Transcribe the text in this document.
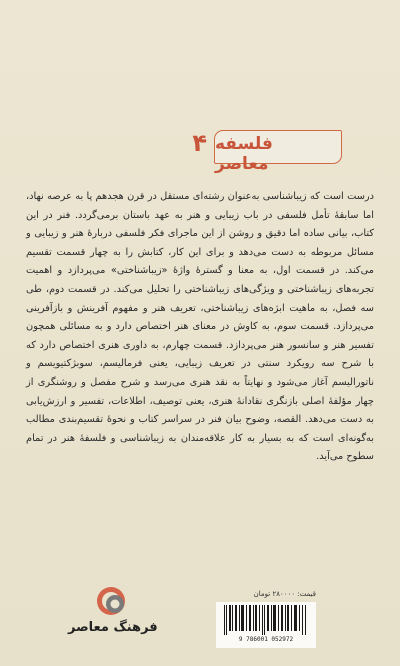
فلسفه معاصر
۴

درست است که زیباشناسی به‌عنوان رشته‌ای مستقل در قرن هجدهم پا به عرصه نهاد، اما سابقهٔ تأمل فلسفی در باب زیبایی و هنر به عهد باستان برمی‌گردد. فنر در این کتاب، بیانی ساده اما دقیق و روشن از این ماجرای فکر فلسفی دربارهٔ هنر و زیبایی و مسائل مربوطه به دست می‌دهد و برای این کار، کتابش را به چهار قسمت تقسیم می‌کند. در قسمت اول، به معنا و گسترهٔ واژهٔ «زیباشناختی» می‌پردازد و اهمیت تجربه‌های زیباشناختی و ویژگی‌های زیباشناختی را تحلیل می‌کند. در قسمت دوم، طی سه فصل، به ماهیت ابژه‌های زیباشناختی، تعریف هنر و مفهوم آفرینش و بازآفرینی می‌پردازد. قسمت سوم، به کاوش در معنای هنر اختصاص دارد و به مسائلی همچون تفسیر هنر و سانسور هنر می‌پردازد. قسمت چهارم، به داوری هنری اختصاص دارد که با شرح سه رویکرد سنتی در تعریف زیبایی، یعنی فرمالیسم، سوبژکتیویسم و ناتورالیسم آغاز می‌شود و نهایتاً به نقد هنری می‌رسد و شرح مفصل و روشنگری از چهار مؤلفهٔ اصلی بازنگری نقادانهٔ هنری، یعنی توصیف، اطلاعات، تفسیر و ارزش‌یابی به دست می‌دهد. القصه، وضوح بیان فنر در سراسر کتاب و نحوهٔ تقسیم‌بندی مطالب به‌گونه‌ای است که به بسیار به کار علاقه‌مندان به زیباشناسی و فلسفهٔ هنر در تمام سطوح می‌آید.

فرهنگ معاصر
قیمت: ۲۸۰۰۰۰ تومان
9 786001 052972
